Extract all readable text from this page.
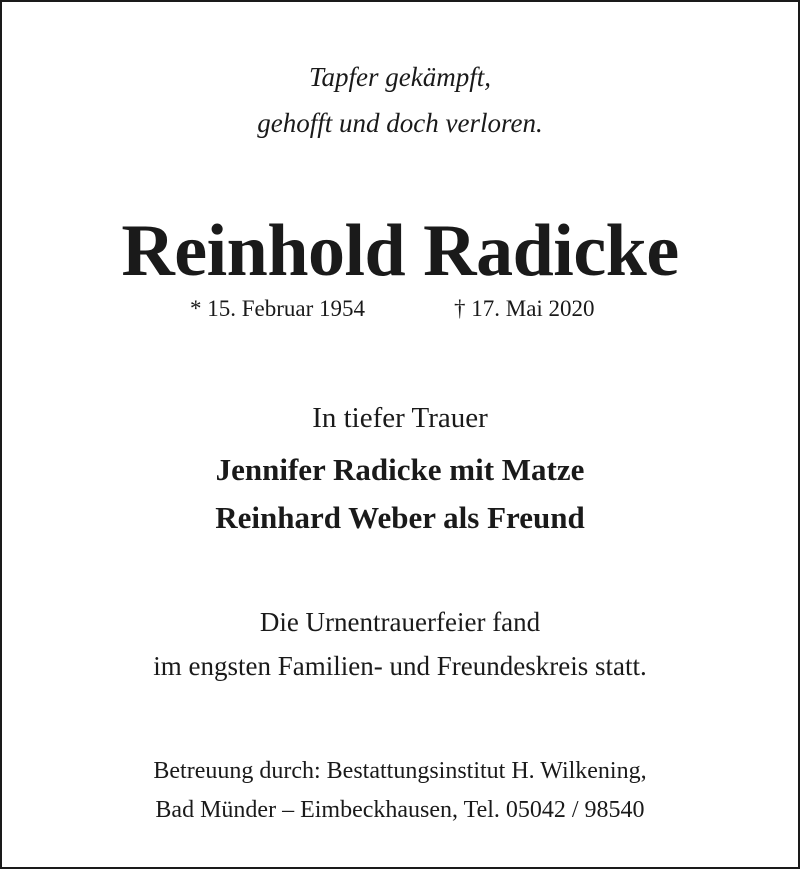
Tapfer gekämpft,
gehofft und doch verloren.
Reinhold Radicke
* 15. Februar 1954	† 17. Mai 2020
In tiefer Trauer
Jennifer Radicke mit Matze
Reinhard Weber als Freund
Die Urnentrauerfeier fand
im engsten Familien- und Freundeskreis statt.
Betreuung durch: Bestattungsinstitut H. Wilkening,
Bad Münder – Eimbeckhausen, Tel. 05042 / 98540
